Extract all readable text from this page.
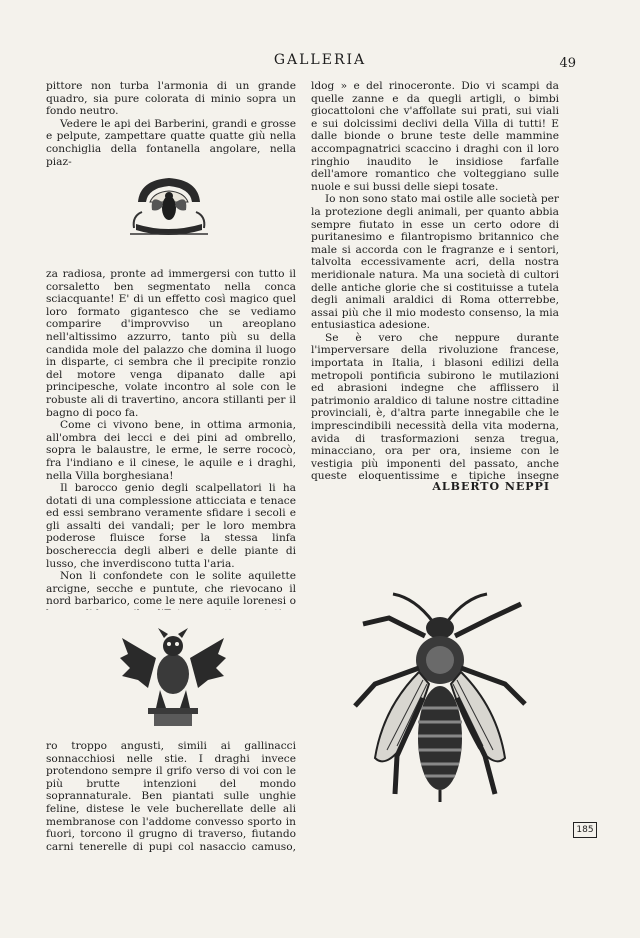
GALLERIA	49

pittore non turba l'armonia di un grande quadro, sia pure colorata di minio sopra un fondo neutro.

Vedere le api dei Barberini, grandi e grosse e pelpute, zampettare quatte quatte giù nella conchiglia della fontanella angolare, nella piaz-

za radiosa, pronte ad immergersi con tutto il corsaletto ben segmentato nella conca sciacquante! E' di un effetto così magico quel loro formato gigantesco che se vediamo comparire d'improvviso un areoplano nell'altissimo azzurro, tanto più su della candida mole del palazzo che domina il luogo in disparte, ci sembra che il precipite ronzio del motore venga dipanato dalle api principesche, volate incontro al sole con le robuste ali di travertino, ancora stillanti per il bagno di poco fa.

Come ci vivono bene, in ottima armonia, all'ombra dei lecci e dei pini ad ombrello, sopra le balaustre, le erme, le serre rococò, fra l'indiano e il cinese, le aquile e i draghi, nella Villa borghesiana!

Il barocco genio degli scalpellatori li ha dotati di una complessione atticciata e tenace ed essi sembrano veramente sfidare i secoli e gli assalti dei vandali; per le loro membra poderose fluisce forse la stessa linfa boschereccia degli alberi e delle piante di lusso, che inverdiscono tutta l'aria.

Non li confondete con le solite aquilette arcigne, secche e puntute, che rievocano il nord barbarico, come le nere aquile lorenesi o

ro troppo angusti, simili ai gallinacci sonnacchiosi nelle stie. I draghi invece protendono sempre il grifo verso di voi con le più brutte intenzioni del mondo soprannaturale. Ben piantati sulle unghie feline, distese le vele bucherellate delle ali membranose con l'addome convesso sporto in fuori, torcono il grugno di traverso, fiutando carni tenerelle di pupi col nasaccio camuso,

ldog » e del rinoceronte. Dio vi scampi da quelle zanne e da quegli artigli, o bimbi giocattoloni che v'affollate sui prati, sui viali e sui dolcissimi declivi della Villa di tutti! E dalle bionde o brune teste delle mammine accompagnatrici scaccino i draghi con il loro ringhio inaudito le insidiose farfalle dell'amore romantico che volteggiano sulle nuole e sui bussi delle siepi tosate.

Io non sono stato mai ostile alle società per la protezione degli animali, per quanto abbia sempre fiutato in esse un certo odore di puritanesimo e filantropismo britannico che male si accorda con le fragranze e i sentori, talvolta eccessivamente acri, della nostra meridionale natura. Ma una società di cultori delle antiche glorie che si costituisse a tutela degli animali araldici di Roma otterrebbe, assai più che il mio modesto consenso, la mia entusiastica adesione.

Se è vero che neppure durante l'imperversare della rivoluzione francese, importata in Italia, i blasoni edilizi della metropoli pontificia subirono le mutilazioni ed abrasioni indegne che afflissero il patrimonio araldico di talune nostre cittadine provinciali, è, d'altra parte innegabile che le imprescindibili necessità della vita moderna, avida di trasformazioni senza tregua, minacciano, ora per ora, insieme con le vestigia più imponenti del passato, anche queste eloquentissime e tipiche insegne

ALBERTO NEPPI
185
